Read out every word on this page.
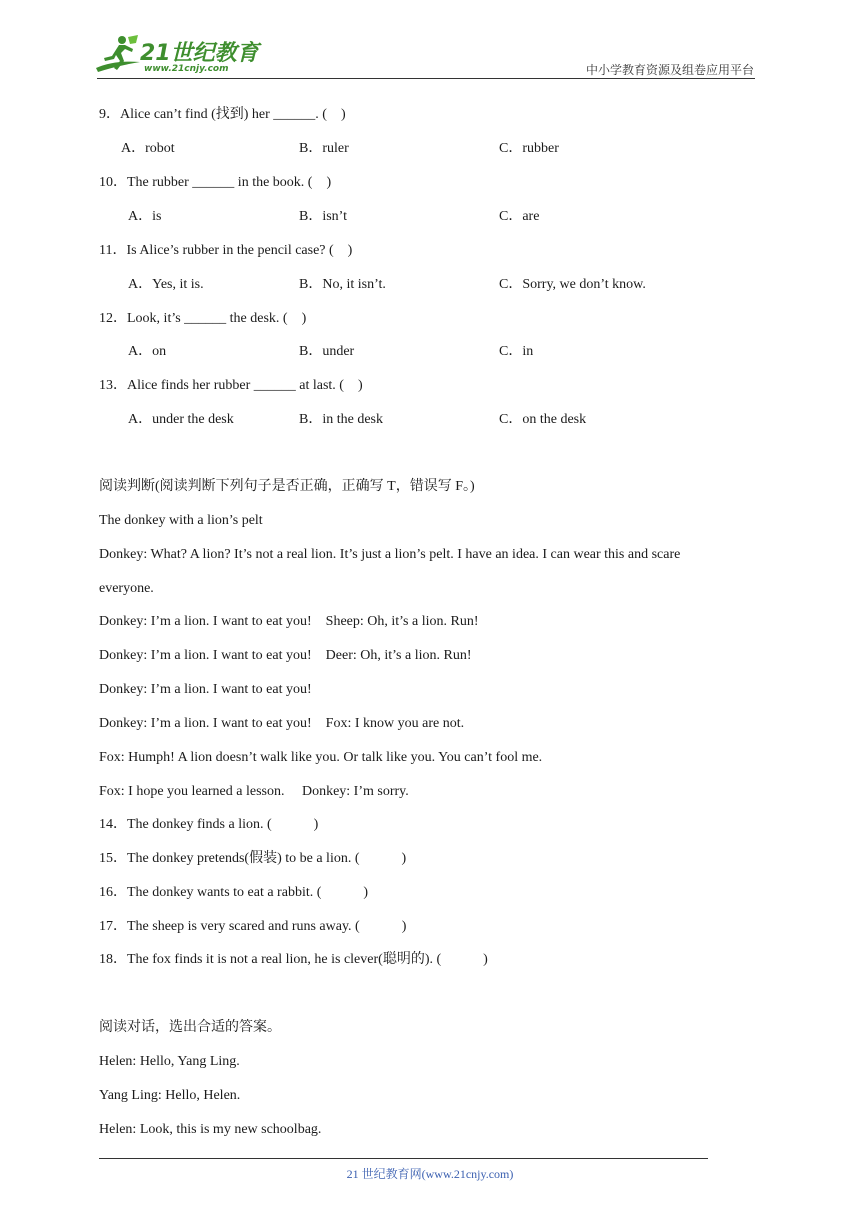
21世纪教育
www.21cnjy.com	中小学教育资源及组卷应用平台
9．Alice can’t find (找到) her ______. (    )
A．robot	B．ruler	C．rubber
10．The rubber ______ in the book. (    )
A．is	B．isn’t	C．are
11．Is Alice’s rubber in the pencil case? (    )
A．Yes, it is.	B．No, it isn’t.	C．Sorry, we don’t know.
12．Look, it’s ______ the desk. (    )
A．on	B．under	C．in
13．Alice finds her rubber ______ at last. (    )
A．under the desk	B．in the desk	C．on the desk
阅读判断(阅读判断下列句子是否正确，正确写 T，错误写 F。)
The donkey with a lion’s pelt
Donkey: What? A lion? It’s not a real lion. It’s just a lion’s pelt. I have an idea. I can wear this and scare
everyone.
Donkey: I’m a lion. I want to eat you!    Sheep: Oh, it’s a lion. Run!
Donkey: I’m a lion. I want to eat you!    Deer: Oh, it’s a lion. Run!
Donkey: I’m a lion. I want to eat you!
Donkey: I’m a lion. I want to eat you!    Fox: I know you are not.
Fox: Humph! A lion doesn’t walk like you. Or talk like you. You can’t fool me.
Fox: I hope you learned a lesson.     Donkey: I’m sorry.
14．The donkey finds a lion. (            )
15．The donkey pretends(假装) to be a lion. (            )
16．The donkey wants to eat a rabbit. (            )
17．The sheep is very scared and runs away. (            )
18．The fox finds it is not a real lion, he is clever(聪明的). (            )
阅读对话，选出合适的答案。
Helen: Hello, Yang Ling.
Yang Ling: Hello, Helen.
Helen: Look, this is my new schoolbag.
21 世纪教育网(www.21cnjy.com)
